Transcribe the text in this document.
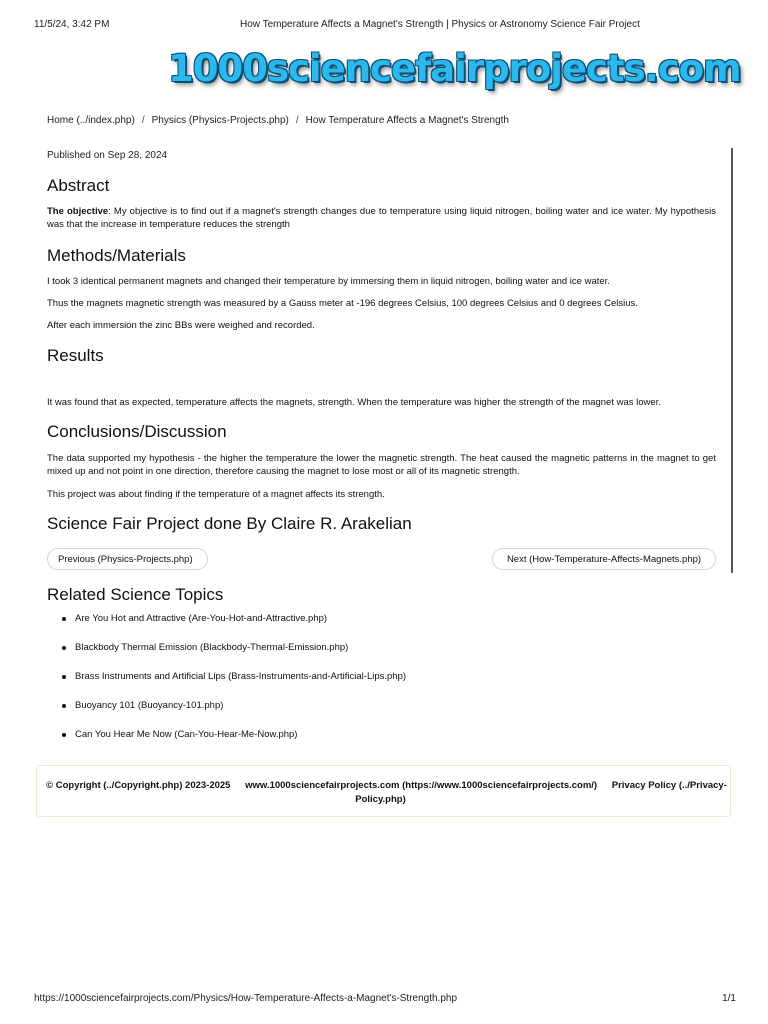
11/5/24, 3:42 PM	How Temperature Affects a Magnet's Strength | Physics or Astronomy Science Fair Project
1000sciencefairprojects.com
Home (../index.php) / Physics (Physics-Projects.php) / How Temperature Affects a Magnet's Strength
Published on Sep 28, 2024
Abstract

The objective: My objective is to find out if a magnet's strength changes due to temperature using liquid nitrogen, boiling water and ice water. My hypothesis was that the increase in temperature reduces the strength

Methods/Materials

I took 3 identical permanent magnets and changed their temperature by immersing them in liquid nitrogen, boiling water and ice water.

Thus the magnets magnetic strength was measured by a Gauss meter at -196 degrees Celsius, 100 degrees Celsius and 0 degrees Celsius.

After each immersion the zinc BBs were weighed and recorded.

Results

It was found that as expected, temperature affects the magnets, strength. When the temperature was higher the strength of the magnet was lower.

Conclusions/Discussion

The data supported my hypothesis - the higher the temperature the lower the magnetic strength. The heat caused the magnetic patterns in the magnet to get mixed up and not point in one direction, therefore causing the magnet to lose most or all of its magnetic strength.

This project was about finding if the temperature of a magnet affects its strength.

Science Fair Project done By Claire R. Arakelian
Previous (Physics-Projects.php)	Next (How-Temperature-Affects-Magnets.php)
Related Science Topics
Are You Hot and Attractive (Are-You-Hot-and-Attractive.php)
Blackbody Thermal Emission (Blackbody-Thermal-Emission.php)
Brass Instruments and Artificial Lips (Brass-Instruments-and-Artificial-Lips.php)
Buoyancy 101 (Buoyancy-101.php)
Can You Hear Me Now (Can-You-Hear-Me-Now.php)
© Copyright (../Copyright.php) 2023-2025 www.1000sciencefairprojects.com (https://www.1000sciencefairprojects.com/) Privacy Policy (../Privacy-Policy.php)
https://1000sciencefairprojects.com/Physics/How-Temperature-Affects-a-Magnet's-Strength.php	1/1
